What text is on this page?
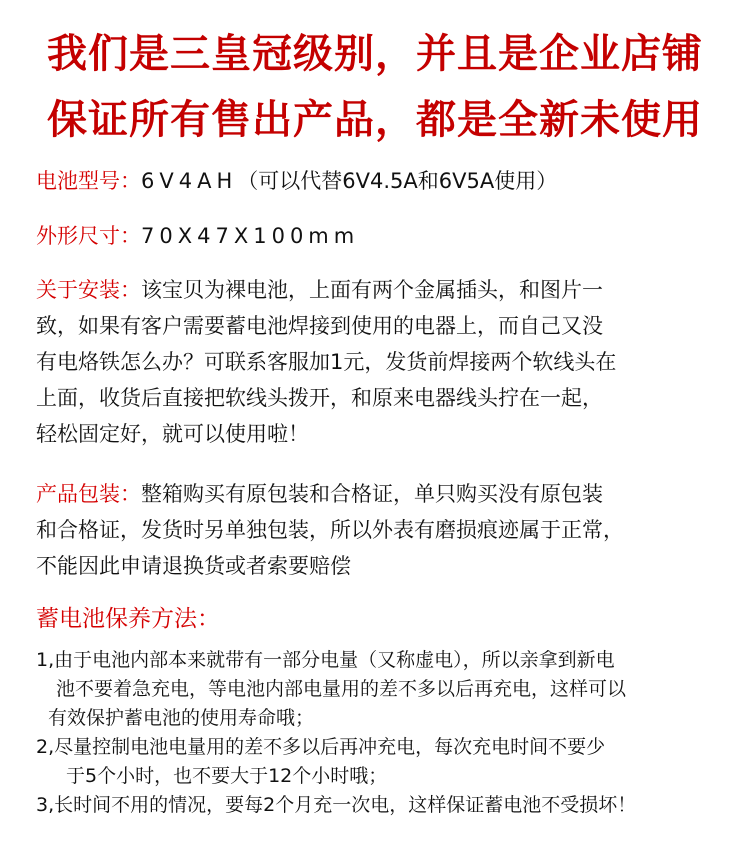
我们是三皇冠级别，并且是企业店铺
保证所有售出产品，都是全新未使用
电池型号：6V4AH（可以代替6V4.5A和6V5A使用）
外形尺寸：70X47X100mm
关于安装：该宝贝为裸电池，上面有两个金属插头，和图片一
致，如果有客户需要蓄电池焊接到使用的电器上，而自己又没
有电烙铁怎么办？可联系客服加1元，发货前焊接两个软线头在
上面，收货后直接把软线头拨开，和原来电器线头拧在一起，
轻松固定好，就可以使用啦！
产品包装：整箱购买有原包装和合格证，单只购买没有原包装
和合格证，发货时另单独包装，所以外表有磨损痕迹属于正常，
不能因此申请退换货或者索要赔偿
蓄电池保养方法：
1,由于电池内部本来就带有一部分电量（又称虚电），所以亲拿到新电
池不要着急充电，等电池内部电量用的差不多以后再充电，这样可以
有效保护蓄电池的使用寿命哦；
2,尽量控制电池电量用的差不多以后再冲充电，每次充电时间不要少
于5个小时，也不要大于12个小时哦；
3,长时间不用的情况，要每2个月充一次电，这样保证蓄电池不受损坏！
